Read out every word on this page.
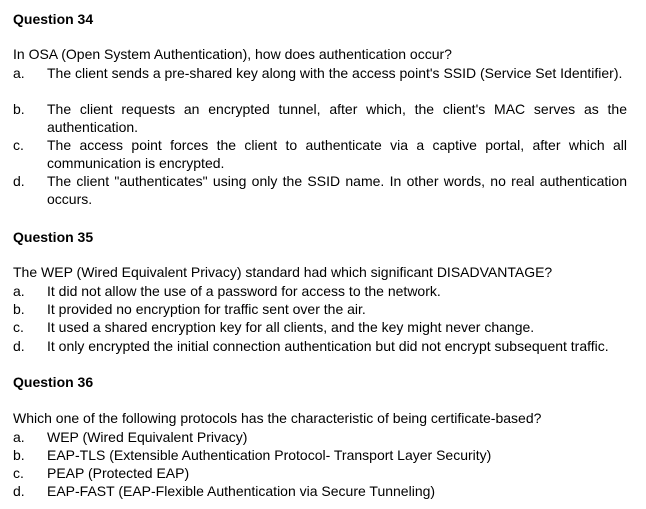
Question 34
In OSA (Open System Authentication), how does authentication occur?
a.	The client sends a pre-shared key along with the access point's SSID (Service Set Identifier).
b.	The client requests an encrypted tunnel, after which, the client's MAC serves as the authentication.
c.	The access point forces the client to authenticate via a captive portal, after which all communication is encrypted.
d.	The client "authenticates" using only the SSID name. In other words, no real authentication occurs.
Question 35
The WEP (Wired Equivalent Privacy) standard had which significant DISADVANTAGE?
a.	It did not allow the use of a password for access to the network.
b.	It provided no encryption for traffic sent over the air.
c.	It used a shared encryption key for all clients, and the key might never change.
d.	It only encrypted the initial connection authentication but did not encrypt subsequent traffic.
Question 36
Which one of the following protocols has the characteristic of being certificate-based?
a.	WEP (Wired Equivalent Privacy)
b.	EAP-TLS (Extensible Authentication Protocol- Transport Layer Security)
c.	PEAP (Protected EAP)
d.	EAP-FAST (EAP-Flexible Authentication via Secure Tunneling)
